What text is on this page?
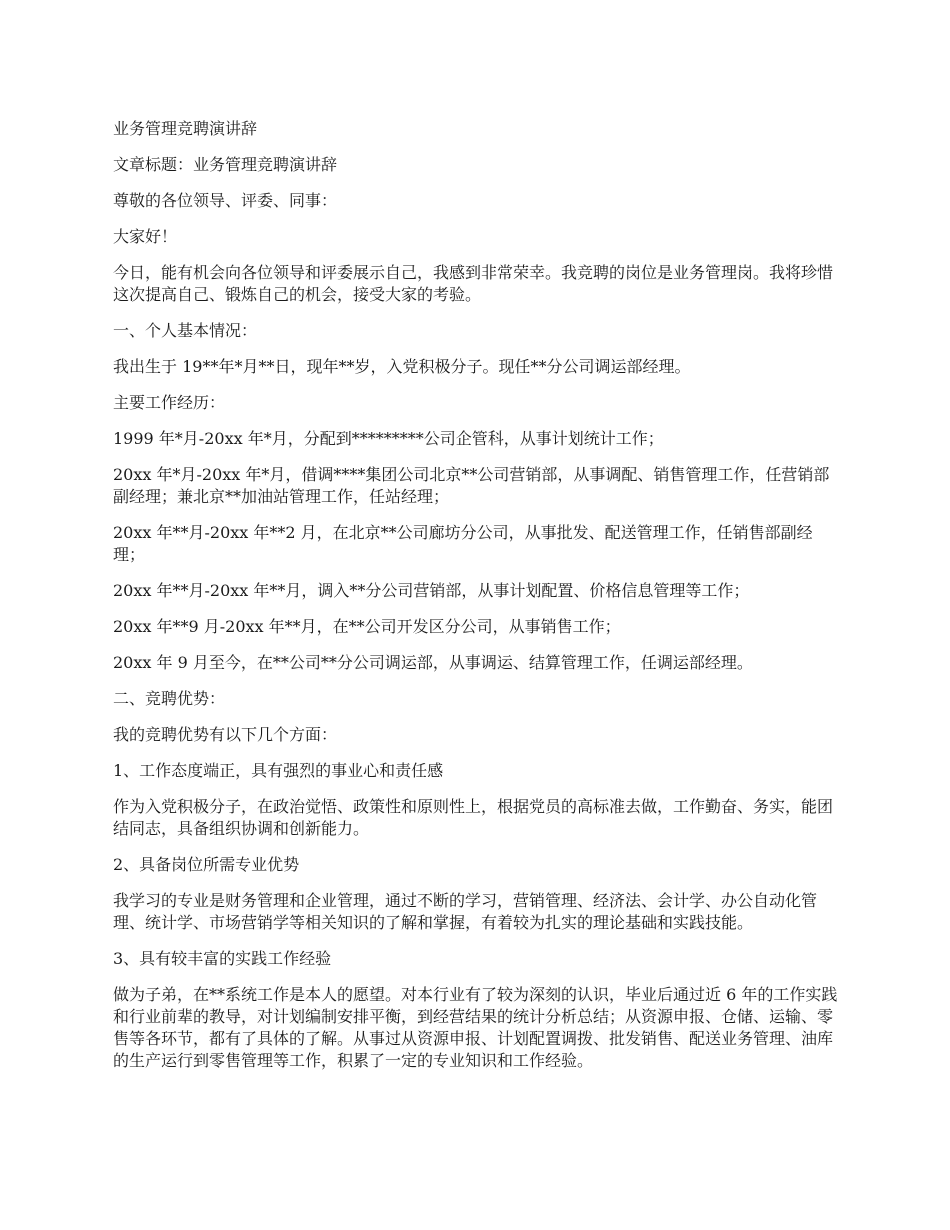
业务管理竞聘演讲辞

文章标题：业务管理竞聘演讲辞

尊敬的各位领导、评委、同事：

大家好！

今日，能有机会向各位领导和评委展示自己，我感到非常荣幸。我竞聘的岗位是业务管理岗。我将珍惜这次提高自己、锻炼自己的机会，接受大家的考验。

一、个人基本情况：

我出生于 19**年*月**日，现年**岁，入党积极分子。现任**分公司调运部经理。

主要工作经历：

1999 年*月-20xx 年*月，分配到*********公司企管科，从事计划统计工作；

20xx 年*月-20xx 年*月，借调****集团公司北京**公司营销部，从事调配、销售管理工作，任营销部副经理；兼北京**加油站管理工作，任站经理；

20xx 年**月-20xx 年**2 月，在北京**公司廊坊分公司，从事批发、配送管理工作，任销售部副经理；

20xx 年**月-20xx 年**月，调入**分公司营销部，从事计划配置、价格信息管理等工作；

20xx 年**9 月-20xx 年**月，在**公司开发区分公司，从事销售工作；

20xx 年 9 月至今，在**公司**分公司调运部，从事调运、结算管理工作，任调运部经理。

二、竞聘优势：

我的竞聘优势有以下几个方面：

1、工作态度端正，具有强烈的事业心和责任感

作为入党积极分子，在政治觉悟、政策性和原则性上，根据党员的高标准去做，工作勤奋、务实，能团结同志，具备组织协调和创新能力。

2、具备岗位所需专业优势

我学习的专业是财务管理和企业管理，通过不断的学习，营销管理、经济法、会计学、办公自动化管理、统计学、市场营销学等相关知识的了解和掌握，有着较为扎实的理论基础和实践技能。

3、具有较丰富的实践工作经验

做为子弟，在**系统工作是本人的愿望。对本行业有了较为深刻的认识，毕业后通过近 6 年的工作实践和行业前辈的教导，对计划编制安排平衡，到经营结果的统计分析总结；从资源申报、仓储、运输、零售等各环节，都有了具体的了解。从事过从资源申报、计划配置调拨、批发销售、配送业务管理、油库的生产运行到零售管理等工作，积累了一定的专业知识和工作经验。
